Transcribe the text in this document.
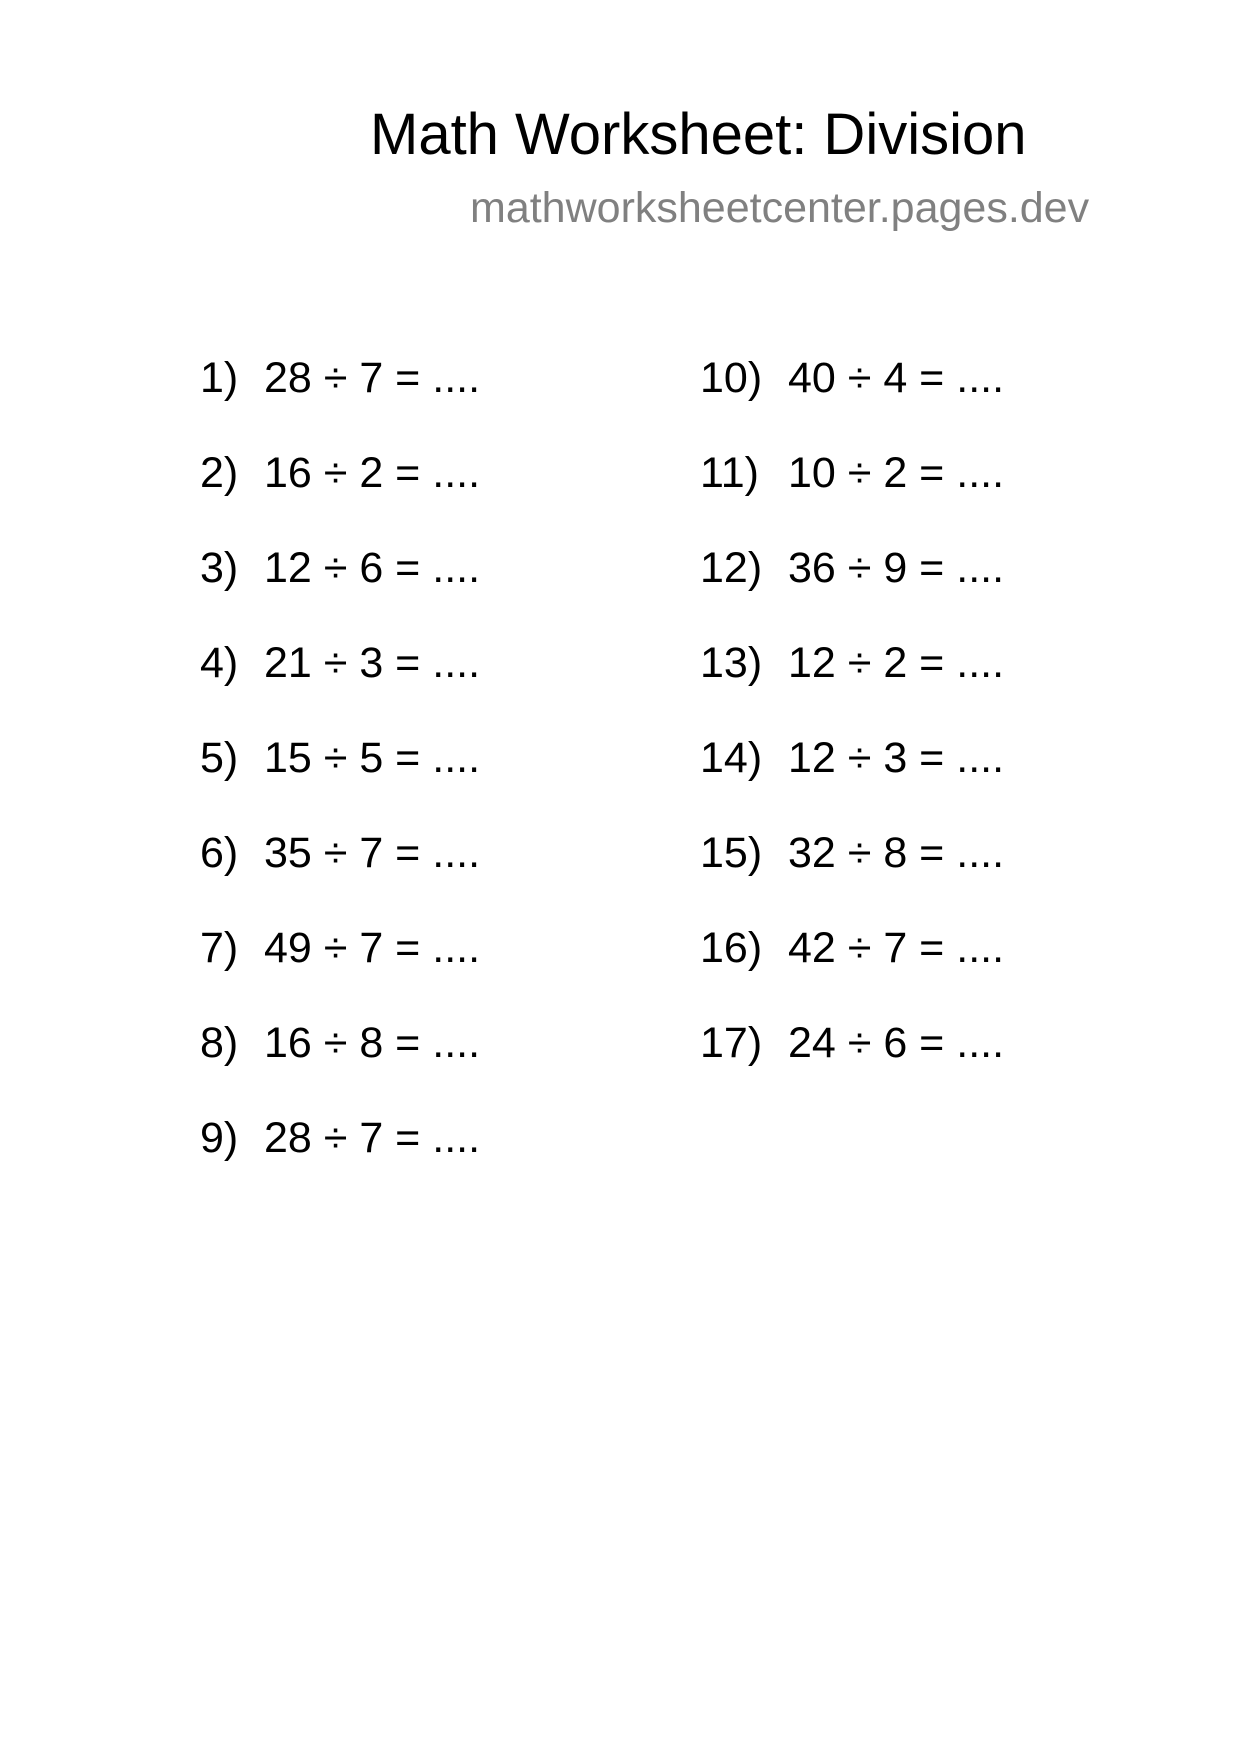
Math Worksheet: Division
mathworksheetcenter.pages.dev
1) 28 ÷ 7 = ....
2) 16 ÷ 2 = ....
3) 12 ÷ 6 = ....
4) 21 ÷ 3 = ....
5) 15 ÷ 5 = ....
6) 35 ÷ 7 = ....
7) 49 ÷ 7 = ....
8) 16 ÷ 8 = ....
9) 28 ÷ 7 = ....
10) 40 ÷ 4 = ....
11) 10 ÷ 2 = ....
12) 36 ÷ 9 = ....
13) 12 ÷ 2 = ....
14) 12 ÷ 3 = ....
15) 32 ÷ 8 = ....
16) 42 ÷ 7 = ....
17) 24 ÷ 6 = ....
